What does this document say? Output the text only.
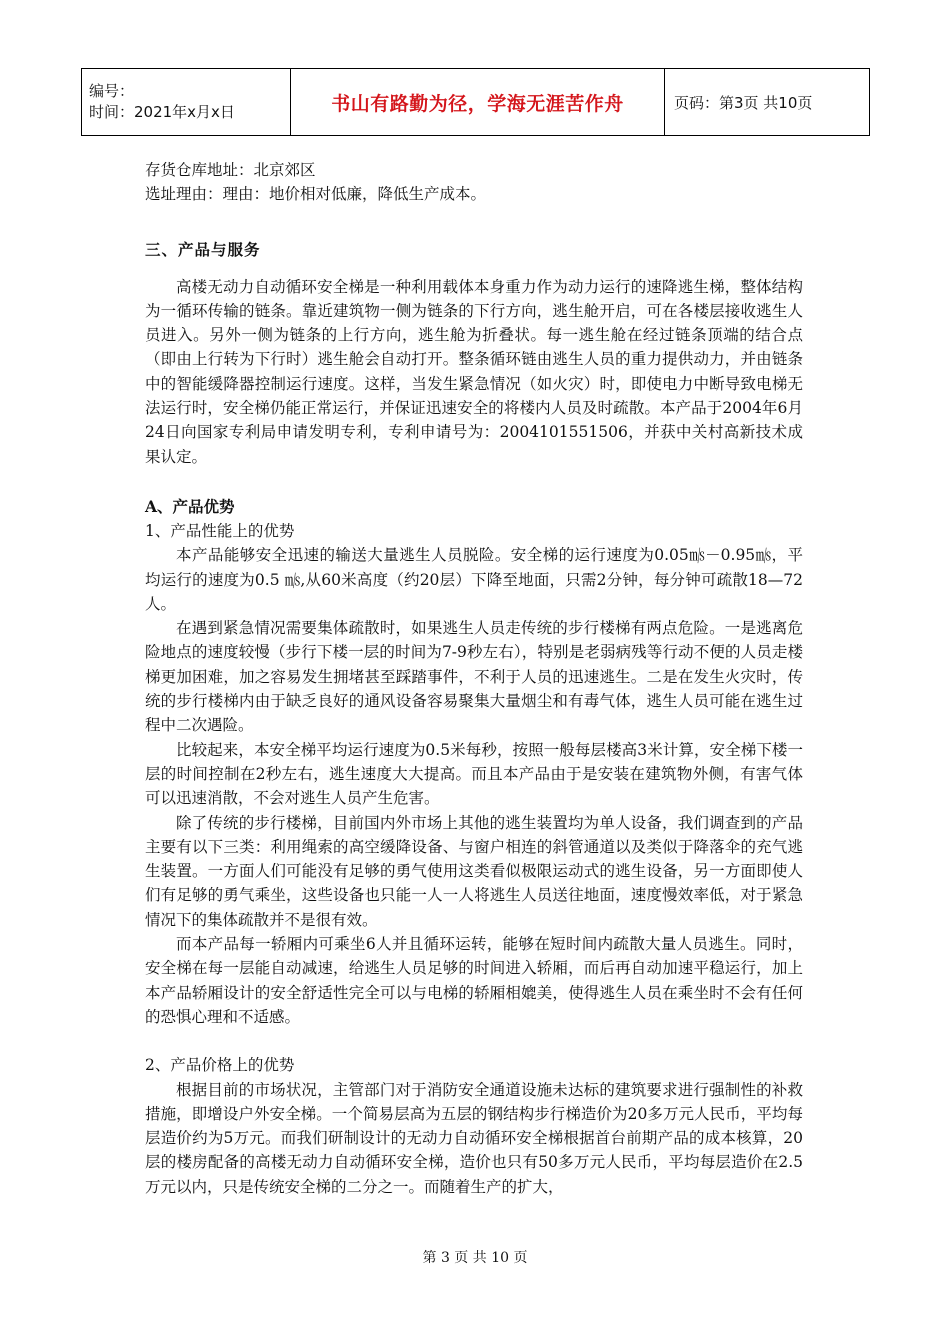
编号：
时间：2021年x月x日	书山有路勤为径，学海无涯苦作舟	页码：第3页 共10页

存货仓库地址：北京郊区

选址理由：理由：地价相对低廉，降低生产成本。

三、产品与服务

高楼无动力自动循环安全梯是一种利用载体本身重力作为动力运行的速降逃生梯，整体结构为一循环传输的链条。靠近建筑物一侧为链条的下行方向，逃生舱开启，可在各楼层接收逃生人员进入。另外一侧为链条的上行方向，逃生舱为折叠状。每一逃生舱在经过链条顶端的结合点（即由上行转为下行时）逃生舱会自动打开。整条循环链由逃生人员的重力提供动力，并由链条中的智能缓降器控制运行速度。这样，当发生紧急情况（如火灾）时，即使电力中断导致电梯无法运行时，安全梯仍能正常运行，并保证迅速安全的将楼内人员及时疏散。本产品于2004年6月24日向国家专利局申请发明专利，专利申请号为：2004101551506，并获中关村高新技术成果认定。

A、产品优势

1、产品性能上的优势

本产品能够安全迅速的输送大量逃生人员脱险。安全梯的运行速度为0.05㎧－0.95㎧，平均运行的速度为0.5 ㎧,从60米高度（约20层）下降至地面，只需2分钟，每分钟可疏散18—72人。

在遇到紧急情况需要集体疏散时，如果逃生人员走传统的步行楼梯有两点危险。一是逃离危险地点的速度较慢（步行下楼一层的时间为7-9秒左右），特别是老弱病残等行动不便的人员走楼梯更加困难，加之容易发生拥堵甚至踩踏事件，不利于人员的迅速逃生。二是在发生火灾时，传统的步行楼梯内由于缺乏良好的通风设备容易聚集大量烟尘和有毒气体，逃生人员可能在逃生过程中二次遇险。

比较起来，本安全梯平均运行速度为0.5米每秒，按照一般每层楼高3米计算，安全梯下楼一层的时间控制在2秒左右，逃生速度大大提高。而且本产品由于是安装在建筑物外侧，有害气体可以迅速消散，不会对逃生人员产生危害。

除了传统的步行楼梯，目前国内外市场上其他的逃生装置均为单人设备，我们调查到的产品主要有以下三类：利用绳索的高空缓降设备、与窗户相连的斜管通道以及类似于降落伞的充气逃生装置。一方面人们可能没有足够的勇气使用这类看似极限运动式的逃生设备，另一方面即使人们有足够的勇气乘坐，这些设备也只能一人一人将逃生人员送往地面，速度慢效率低，对于紧急情况下的集体疏散并不是很有效。

而本产品每一轿厢内可乘坐6人并且循环运转，能够在短时间内疏散大量人员逃生。同时，安全梯在每一层能自动减速，给逃生人员足够的时间进入轿厢，而后再自动加速平稳运行，加上本产品轿厢设计的安全舒适性完全可以与电梯的轿厢相媲美，使得逃生人员在乘坐时不会有任何的恐惧心理和不适感。

2、产品价格上的优势

根据目前的市场状况，主管部门对于消防安全通道设施未达标的建筑要求进行强制性的补救措施，即增设户外安全梯。一个简易层高为五层的钢结构步行梯造价为20多万元人民币，平均每层造价约为5万元。而我们研制设计的无动力自动循环安全梯根据首台前期产品的成本核算，20层的楼房配备的高楼无动力自动循环安全梯，造价也只有50多万元人民币，平均每层造价在2.5万元以内，只是传统安全梯的二分之一。而随着生产的扩大，

第 3 页 共 10 页
